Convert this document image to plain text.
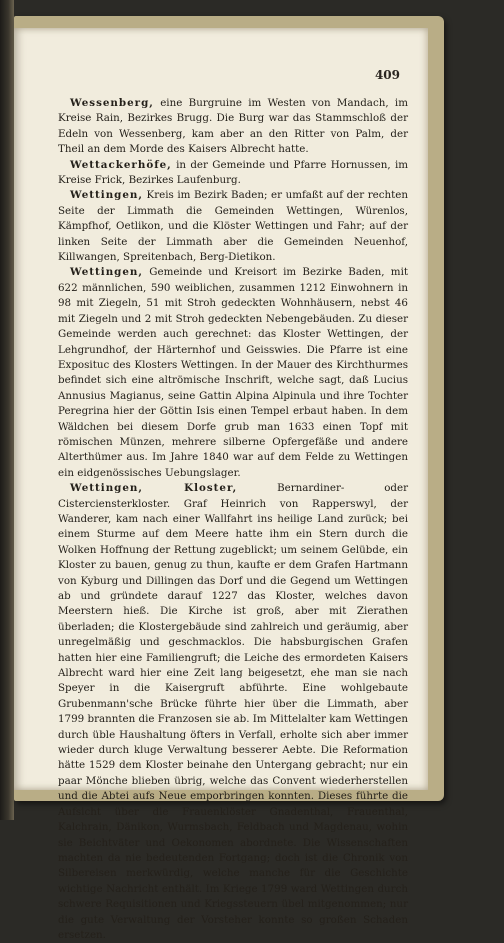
409

Wessenberg, eine Burgruine im Westen von Mandach, im Kreise Rain, Bezirkes Brugg. Die Burg war das Stammschloß der Edeln von Wessenberg, kam aber an den Ritter von Palm, der Theil an dem Morde des Kaisers Albrecht hatte.

Wettackerhöfe, in der Gemeinde und Pfarre Hornussen, im Kreise Frick, Bezirkes Laufenburg.

Wettingen, Kreis im Bezirk Baden; er umfaßt auf der rechten Seite der Limmath die Gemeinden Wettingen, Würenlos, Kämpfhof, Oetlikon, und die Klöster Wettingen und Fahr; auf der linken Seite der Limmath aber die Gemeinden Neuenhof, Killwangen, Spreitenbach, Berg-Dietikon.

Wettingen, Gemeinde und Kreisort im Bezirke Baden, mit 622 männlichen, 590 weiblichen, zusammen 1212 Einwohnern in 98 mit Ziegeln, 51 mit Stroh gedeckten Wohnhäusern, nebst 46 mit Ziegeln und 2 mit Stroh gedeckten Nebengebäuden. Zu dieser Gemeinde werden auch gerechnet: das Kloster Wettingen, der Lehgrundhof, der Härternhof und Geisswies. Die Pfarre ist eine Exposituc des Klosters Wettingen. In der Mauer des Kirchthurmes befindet sich eine altrömische Inschrift, welche sagt, daß Lucius Annusius Magianus, seine Gattin Alpina Alpinula und ihre Tochter Peregrina hier der Göttin Isis einen Tempel erbaut haben. In dem Wäldchen bei diesem Dorfe grub man 1633 einen Topf mit römischen Münzen, mehrere silberne Opfergefäße und andere Alterthümer aus. Im Jahre 1840 war auf dem Felde zu Wettingen ein eidgenössisches Uebungslager.

Wettingen, Kloster, Bernardiner- oder Cisterciensterkloster. Graf Heinrich von Rapperswyl, der Wanderer, kam nach einer Wallfahrt ins heilige Land zurück; bei einem Sturme auf dem Meere hatte ihm ein Stern durch die Wolken Hoffnung der Rettung zugeblickt; um seinem Gelübde, ein Kloster zu bauen, genug zu thun, kaufte er dem Grafen Hartmann von Kyburg und Dillingen das Dorf und die Gegend um Wettingen ab und gründete darauf 1227 das Kloster, welches davon Meerstern hieß. Die Kirche ist groß, aber mit Zierathen überladen; die Klostergebäude sind zahlreich und geräumig, aber unregelmäßig und geschmacklos. Die habsburgischen Grafen hatten hier eine Familiengruft; die Leiche des ermordeten Kaisers Albrecht ward hier eine Zeit lang beigesetzt, ehe man sie nach Speyer in die Kaisergruft abführte. Eine wohlgebaute Grubenmann'sche Brücke führte hier über die Limmath, aber 1799 brannten die Franzosen sie ab. Im Mittelalter kam Wettingen durch üble Haushaltung öfters in Verfall, erholte sich aber immer wieder durch kluge Verwaltung besserer Aebte. Die Reformation hätte 1529 dem Kloster beinahe den Untergang gebracht; nur ein paar Mönche blieben übrig, welche das Convent wiederherstellen und die Abtei aufs Neue emporbringen konnten. Dieses führte die Aufsicht über die Frauenklöster Gnadenthal, Frauenthal, Kalchrain, Dänikon, Wurmsbach, Feldbach und Magdenau, wohin sie Beichtväter und Oekonomen abordnete. Die Wissenschaften machten da nie bedeutenden Fortgang; doch ist die Chronik von Silbereisen merkwürdig, welche manche für die Geschichte wichtige Nachricht enthält. Im Kriege 1799 ward Wettingen durch schwere Requisitionen und Kriegssteuern übel mitgenommen; nur die gute Verwaltung der Vorsteher konnte so großen Schaden ersetzen.
